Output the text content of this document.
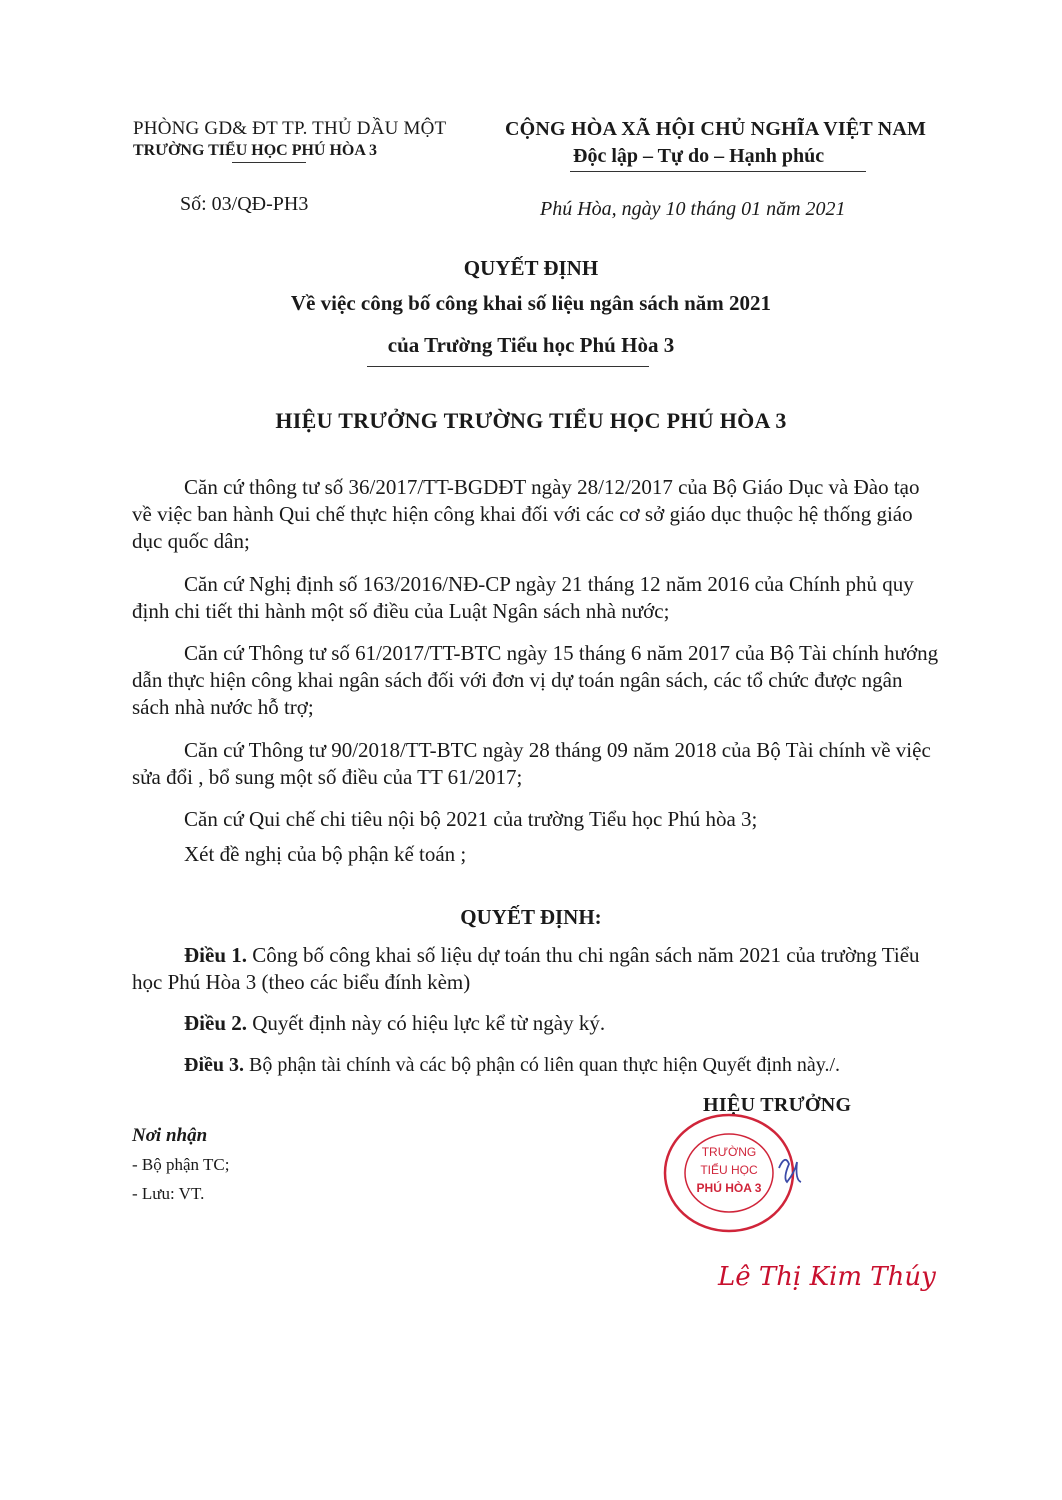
PHÒNG GD& ĐT TP. THỦ DẦU MỘT
TRƯỜNG TIỂU HỌC PHÚ HÒA 3
CỘNG HÒA XÃ HỘI CHỦ NGHĨA VIỆT NAM
Độc lập – Tự do – Hạnh phúc
Số: 03/QĐ-PH3	Phú Hòa, ngày 10 tháng 01 năm 2021
QUYẾT ĐỊNH
Về việc công bố công khai số liệu ngân sách năm 2021
của Trường Tiểu học Phú Hòa 3
HIỆU TRƯỞNG TRƯỜNG TIỂU HỌC PHÚ HÒA 3
Căn cứ thông tư số 36/2017/TT-BGDĐT ngày 28/12/2017 của Bộ Giáo Dục và Đào tạo về việc ban hành Qui chế thực hiện công khai đối với các cơ sở giáo dục thuộc hệ thống giáo dục quốc dân;
Căn cứ Nghị định số 163/2016/NĐ-CP ngày 21 tháng 12 năm 2016 của Chính phủ quy định chi tiết thi hành một số điều của Luật Ngân sách nhà nước;
Căn cứ Thông tư số 61/2017/TT-BTC ngày 15 tháng 6 năm 2017 của Bộ Tài chính hướng dẫn thực hiện công khai ngân sách đối với đơn vị dự toán ngân sách, các tổ chức được ngân sách nhà nước hỗ trợ;
Căn cứ Thông tư 90/2018/TT-BTC ngày 28 tháng 09 năm 2018 của Bộ Tài chính về việc sửa đổi , bổ sung một số điều của TT 61/2017;
Căn cứ Qui chế chi tiêu nội bộ 2021 của trường Tiểu học Phú hòa 3;
Xét đề nghị của bộ phận kế toán ;
QUYẾT ĐỊNH:
Điều 1. Công bố công khai số liệu dự toán thu chi ngân sách năm 2021 của trường Tiểu học Phú Hòa 3 (theo các biểu đính kèm)
Điều 2. Quyết định này có hiệu lực kể từ ngày ký.
Điều 3. Bộ phận tài chính và các bộ phận có liên quan thực hiện Quyết định này./.
Nơi nhận
- Bộ phận TC;
- Lưu: VT.
HIỆU TRƯỞNG
TRƯỜNG
TIỂU HỌC
PHÚ HÒA 3
Lê Thị Kim Thúy
